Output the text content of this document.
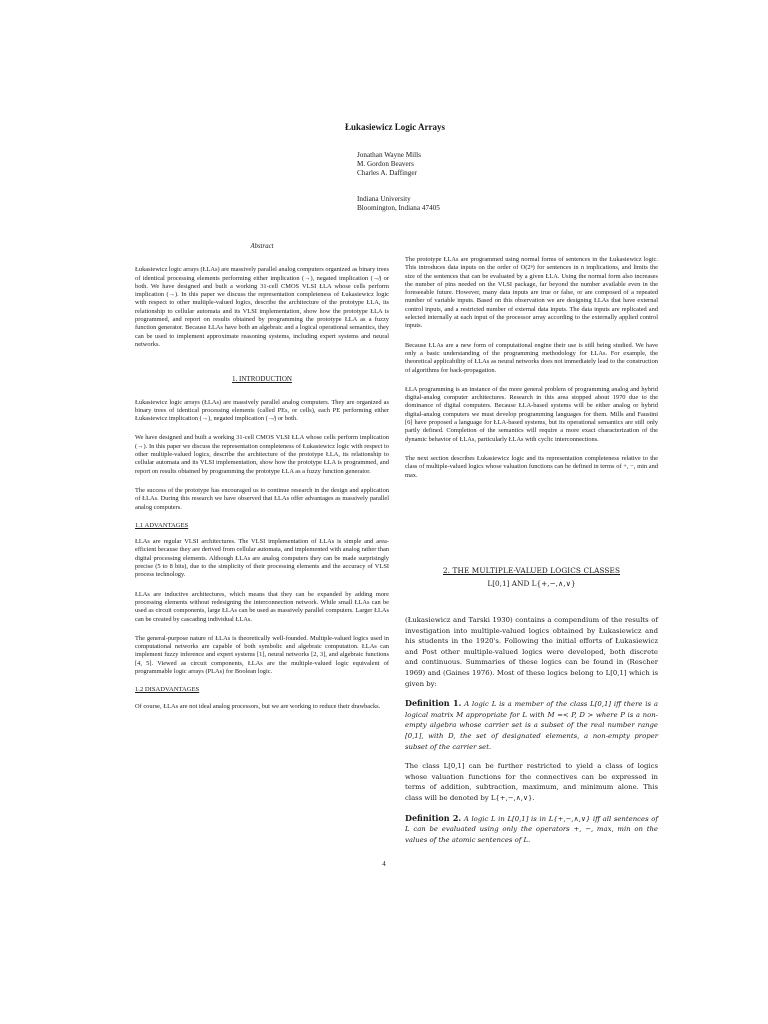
Łukasiewicz Logic Arrays
Jonathan Wayne Mills
M. Gordon Beavers
Charles A. Daffinger
Indiana University
Bloomington, Indiana 47405
Abstract

Łukasiewicz logic arrays (ŁLAs) are massively parallel analog computers organized as binary trees of identical processing elements performing either implication (→), negated implication (↛) or both. We have designed and built a working 31-cell CMOS VLSI ŁLA whose cells perform implication (→). In this paper we discuss the representation completeness of Łukasiewicz logic with respect to other multiple-valued logics, describe the architecture of the prototype ŁLA, its relationship to cellular automata and its VLSI implementation, show how the prototype ŁLA is programmed, and report on results obtained by programming the prototype ŁLA as a fuzzy function generator. Because ŁLAs have both an algebraic and a logical operational semantics, they can be used to implement approximate reasoning systems, including expert systems and neural networks.

1. INTRODUCTION

Łukasiewicz logic arrays (ŁLAs) are massively parallel analog computers. They are organized as binary trees of identical processing elements (called PEs, or cells), each PE performing either Łukasiewicz implication (→), negated implication (↛) or both.

We have designed and built a working 31-cell CMOS VLSI ŁLA whose cells perform implication (→). In this paper we discuss the representation completeness of Łukasiewicz logic with respect to other multiple-valued logics, describe the architecture of the prototype ŁLA, its relationship to cellular automata and its VLSI implementation, show how the prototype ŁLA is programmed, and report on results obtained by programming the prototype ŁLA as a fuzzy function generator.

The success of the prototype has encouraged us to continue research in the design and application of ŁLAs. During this research we have observed that ŁLAs offer advantages as massively parallel analog computers.

1.1 ADVANTAGES

ŁLAs are regular VLSI architectures. The VLSI implementation of ŁLAs is simple and area-efficient because they are derived from cellular automata, and implemented with analog rather than digital processing elements. Although ŁLAs are analog computers they can be made surprisingly precise (5 to 8 bits), due to the simplicity of their processing elements and the accuracy of VLSI process technology.

ŁLAs are inductive architectures, which means that they can be expanded by adding more processing elements without redesigning the interconnection network. While small ŁLAs can be used as circuit components, large ŁLAs can be used as massively parallel computers. Larger ŁLAs can be created by cascading individual ŁLAs.

The general-purpose nature of ŁLAs is theoretically well-founded. Multiple-valued logics used in computational networks are capable of both symbolic and algebraic computation. ŁLAs can implement fuzzy inference and expert systems [1], neural networks [2, 3], and algebraic functions [4, 5]. Viewed as circuit components, ŁLAs are the multiple-valued logic equivalent of programmable logic arrays (PLAs) for Boolean logic.

1.2 DISADVANTAGES

Of course, ŁLAs are not ideal analog processors, but we are working to reduce their drawbacks.

The prototype ŁLAs are programmed using normal forms of sentences in the Łukasiewicz logic. This introduces data inputs on the order of O(2ⁿ) for sentences in n implications, and limits the size of the sentences that can be evaluated by a given ŁLA. Using the normal form also increases the number of pins needed on the VLSI package, far beyond the number available even in the foreseeable future. However, many data inputs are true or false, or are composed of a repeated number of variable inputs. Based on this observation we are designing ŁLAs that have external control inputs, and a restricted number of external data inputs. The data inputs are replicated and selected internally at each input of the processor array according to the externally applied control inputs.

Because ŁLAs are a new form of computational engine their use is still being studied. We have only a basic understanding of the programming methodology for ŁLAs. For example, the theoretical applicability of ŁLAs as neural networks does not immediately lead to the construction of algorithms for back-propagation.

ŁLA programming is an instance of the more general problem of programming analog and hybrid digital-analog computer architectures. Research in this area stopped about 1970 due to the dominance of digital computers. Because ŁLA-based systems will be either analog or hybrid digital-analog computers we must develop programming languages for them. Mills and Faustini [6] have proposed a language for ŁLA-based systems, but its operational semantics are still only partly defined. Completion of the semantics will require a more exact characterization of the dynamic behavior of ŁLAs, particularly ŁLAs with cyclic interconnections.

The next section describes Łukasiewicz logic and its representation completeness relative to the class of multiple-valued logics whose valuation functions can be defined in terms of +, −, min and max.

2. THE MULTIPLE-VALUED LOGICS CLASSES
L[0,1] AND L{+,−,∧,∨}

(Łukasiewicz and Tarski 1930) contains a compendium of the results of investigation into multiple-valued logics obtained by Łukasiewicz and his students in the 1920's. Following the initial efforts of Łukasiewicz and Post other multiple-valued logics were developed, both discrete and continuous. Summaries of these logics can be found in (Rescher 1969) and (Gaines 1976). Most of these logics belong to L[0,1] which is given by:

Definition 1. A logic L is a member of the class L[0,1] iff there is a logical matrix M appropriate for L with M =< P, D > where P is a non-empty algebra whose carrier set is a subset of the real number range [0,1], with D, the set of designated elements, a non-empty proper subset of the carrier set.

The class L[0,1] can be further restricted to yield a class of logics whose valuation functions for the connectives can be expressed in terms of addition, subtraction, maximum, and minimum alone. This class will be denoted by L{+,−,∧,∨}.

Definition 2. A logic L in L[0,1] is in L{+,−,∧,∨} iff all sentences of L can be evaluated using only the operators +, −, max, min on the values of the atomic sentences of L.

4
